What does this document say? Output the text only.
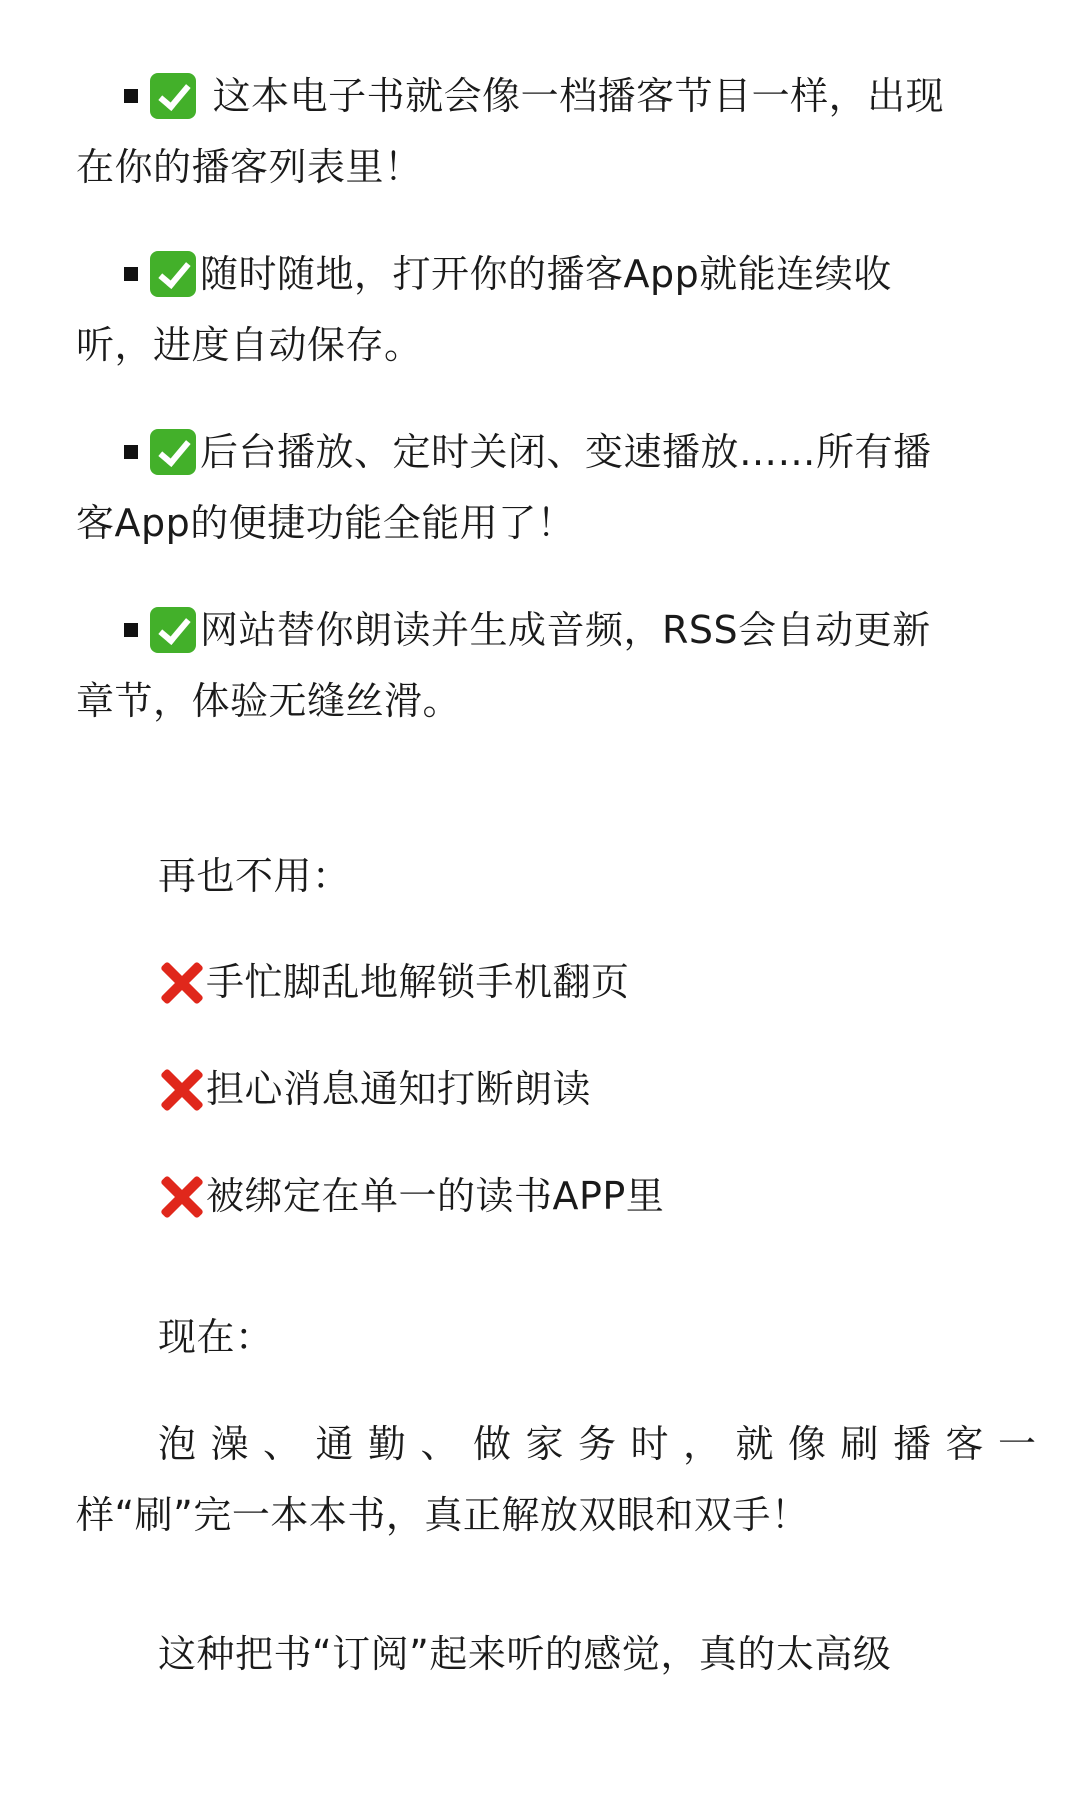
这本电子书就会像一档播客节目一样，出现
在你的播客列表里！
随时随地，打开你的播客App就能连续收
听，进度自动保存。
后台播放、定时关闭、变速播放……所有播
客App的便捷功能全能用了！
网站替你朗读并生成音频，RSS会自动更新
章节，体验无缝丝滑。
再也不用：
手忙脚乱地解锁手机翻页
担心消息通知打断朗读
被绑定在单一的读书APP里
现在：
泡澡、通勤、做家务时，就像刷播客一
样“刷”完一本本书，真正解放双眼和双手！
这种把书“订阅”起来听的感觉，真的太高级
